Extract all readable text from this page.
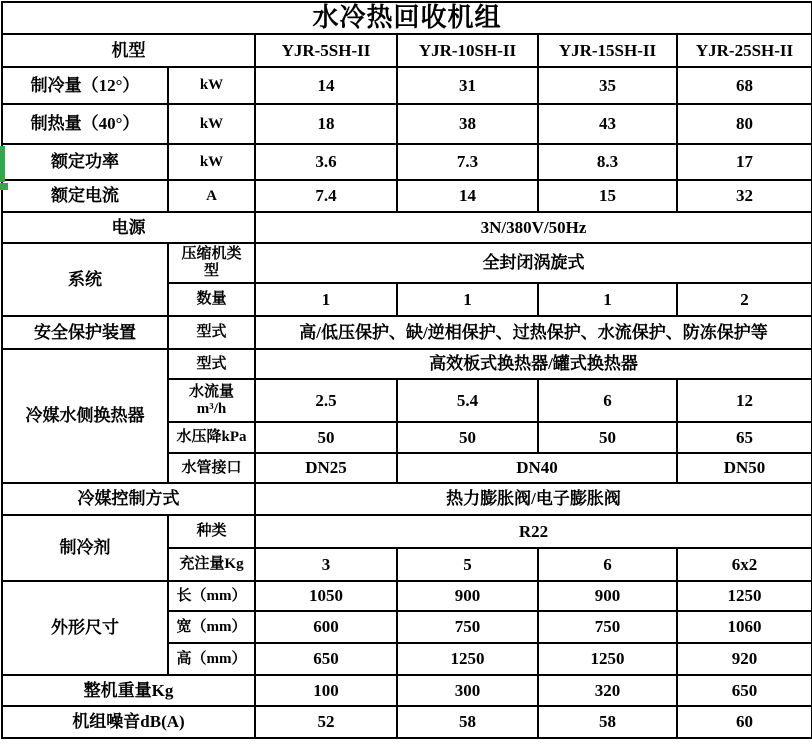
水冷热回收机组					
机型		YJR-5SH-II	YJR-10SH-II	YJR-15SH-II	YJR-25SH-II
制冷量（12°）	kW	14	31	35	68
制热量（40°）	kW	18	38	43	80
额定功率	kW	3.6	7.3	8.3	17
额定电流	A	7.4	14	15	32
电源		3N/380V/50Hz			
系统	压缩机类型	全封闭涡旋式			
	数量	1	1	1	2
安全保护装置	型式	高/低压保护、缺/逆相保护、过热保护、水流保护、防冻保护等			
冷媒水侧换热器	型式	高效板式换热器/罐式换热器			
	水流量 m³/h	2.5	5.4	6	12
	水压降kPa	50	50	50	65
	水管接口	DN25	DN40		DN50
冷媒控制方式		热力膨胀阀/电子膨胀阀			
制冷剂	种类	R22			
	充注量Kg	3	5	6	6x2
外形尺寸	长（mm）	1050	900	900	1250
	宽（mm）	600	750	750	1060
	高（mm）	650	1250	1250	920
整机重量Kg		100	300	320	650
机组噪音dB(A)		52	58	58	60
